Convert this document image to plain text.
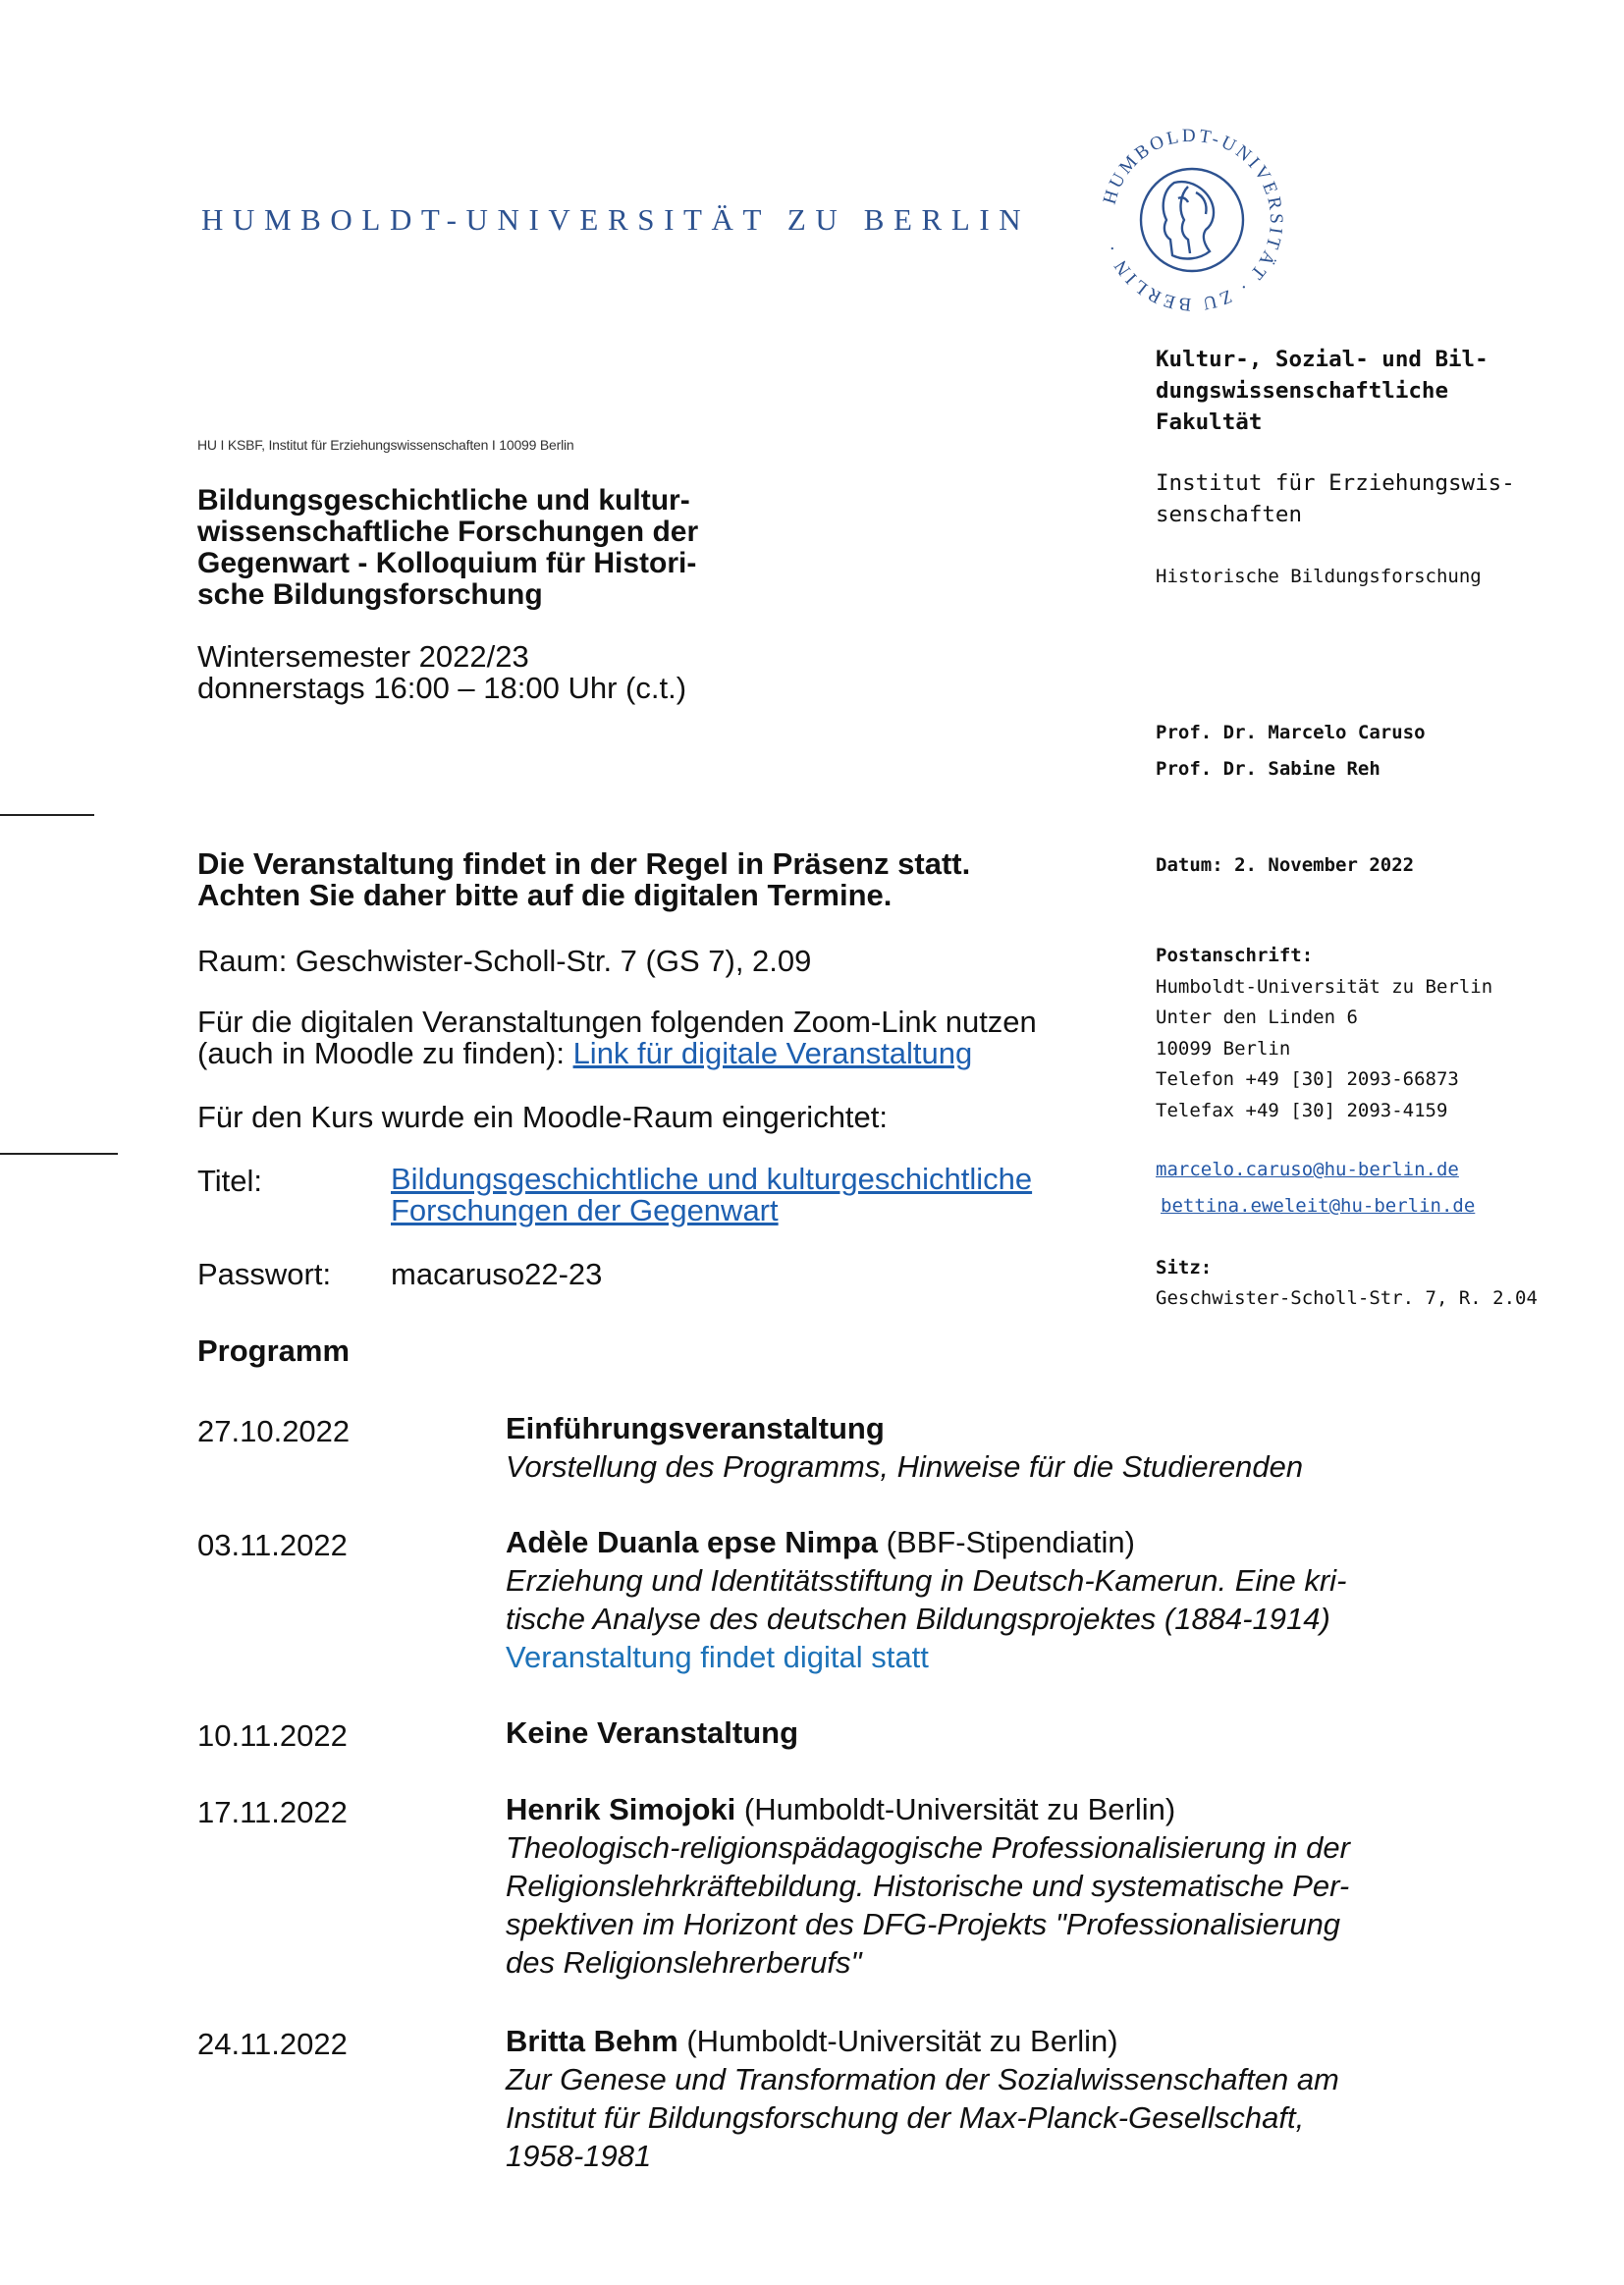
HUMBOLDT-UNIVERSITÄT ZU BERLIN
HUMBOLDT-UNIVERSITÄT · ZU BERLIN ·
Kultur-, Sozial- und Bil-
dungswissenschaftliche
Fakultät
Institut für Erziehungswis-
senschaften
Historische Bildungsforschung
Prof. Dr. Marcelo Caruso
Prof. Dr. Sabine Reh
Datum: 2. November 2022
Postanschrift:
Humboldt-Universität zu Berlin
Unter den Linden 6
10099 Berlin
Telefon +49 [30] 2093-66873
Telefax +49 [30] 2093-4159
marcelo.caruso@hu-berlin.de
bettina.eweleit@hu-berlin.de
Sitz:
Geschwister-Scholl-Str. 7, R. 2.04
HU I KSBF, Institut für Erziehungswissenschaften I 10099 Berlin
Bildungsgeschichtliche und kultur-
wissenschaftliche Forschungen der
Gegenwart - Kolloquium für Histori-
sche Bildungsforschung
Wintersemester 2022/23
donnerstags 16:00 – 18:00 Uhr (c.t.)
Die Veranstaltung findet in der Regel in Präsenz statt.
Achten Sie daher bitte auf die digitalen Termine.
Raum: Geschwister-Scholl-Str. 7 (GS 7), 2.09
Für die digitalen Veranstaltungen folgenden Zoom-Link nutzen
(auch in Moodle zu finden): Link für digitale Veranstaltung
Für den Kurs wurde ein Moodle-Raum eingerichtet:
Titel:	Bildungsgeschichtliche und kulturgeschichtliche
Forschungen der Gegenwart
Passwort: macaruso22-23
Programm
27.10.2022	Einführungsveranstaltung
Vorstellung des Programms, Hinweise für die Studierenden
03.11.2022	Adèle Duanla epse Nimpa (BBF-Stipendiatin)
Erziehung und Identitätsstiftung in Deutsch-Kamerun. Eine kri-
tische Analyse des deutschen Bildungsprojektes (1884-1914)
Veranstaltung findet digital statt
10.11.2022	Keine Veranstaltung
17.11.2022	Henrik Simojoki (Humboldt-Universität zu Berlin)
Theologisch-religionspädagogische Professionalisierung in der
Religionslehrkräftebildung. Historische und systematische Per-
spektiven im Horizont des DFG-Projekts "Professionalisierung
des Religionslehrerberufs"
24.11.2022	Britta Behm (Humboldt-Universität zu Berlin)
Zur Genese und Transformation der Sozialwissenschaften am
Institut für Bildungsforschung der Max-Planck-Gesellschaft,
1958-1981
